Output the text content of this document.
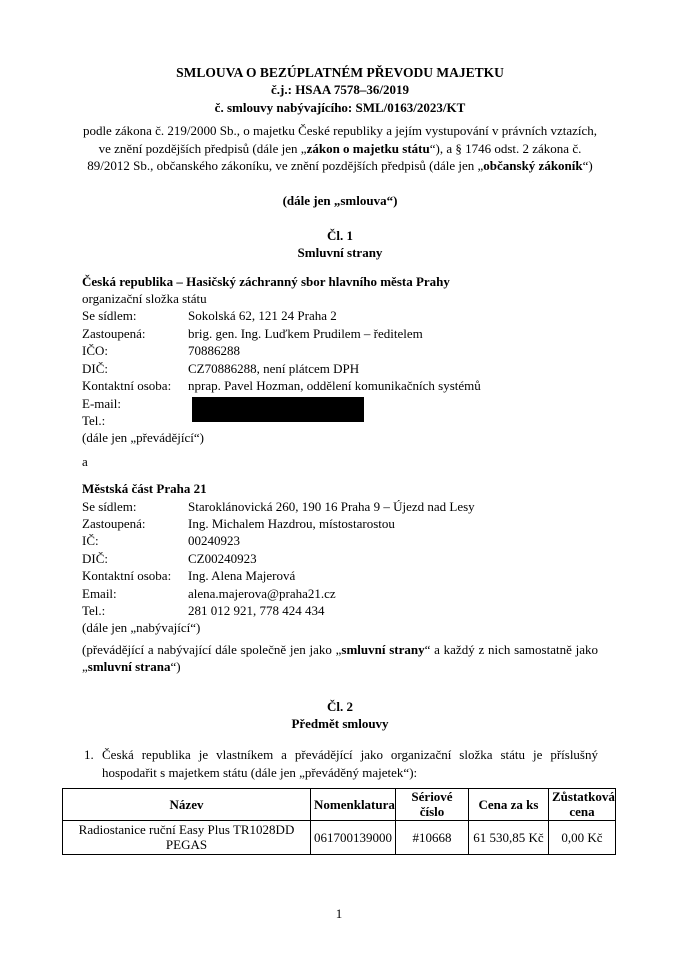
SMLOUVA O BEZÚPLATNÉM PŘEVODU MAJETKU
č.j.: HSAA 7578–36/2019
č. smlouvy nabývajícího: SML/0163/2023/KT
podle zákona č. 219/2000 Sb., o majetku České republiky a jejím vystupování v právních vztazích, ve znění pozdějších předpisů (dále jen „zákon o majetku státu“), a § 1746 odst. 2 zákona č. 89/2012 Sb., občanského zákoníku, ve znění pozdějších předpisů (dále jen „občanský zákoník“)
(dále jen „smlouva“)
Čl. 1
Smluvní strany
Česká republika – Hasičský záchranný sbor hlavního města Prahy
organizační složka státu
Se sídlem:	Sokolská 62, 121 24 Praha 2
Zastoupená:	brig. gen. Ing. Luďkem Prudilem – ředitelem
IČO:	70886288
DIČ:	CZ70886288, není plátcem DPH
Kontaktní osoba:	nprap. Pavel Hozman, oddělení komunikačních systémů
E-mail:
Tel.:
(dále jen „převádějící“)
a
Městská část Praha 21
Se sídlem:	Staroklánovická 260, 190 16 Praha 9 – Újezd nad Lesy
Zastoupená:	Ing. Michalem Hazdrou, místostarostou
IČ:	00240923
DIČ:	CZ00240923
Kontaktní osoba:	Ing. Alena Majerová
Email:	alena.majerova@praha21.cz
Tel.:	281 012 921, 778 424 434
(dále jen „nabývající“)
(převádějící a nabývající dále společně jen jako „smluvní strany“ a každý z nich samostatně jako „smluvní strana“)
Čl. 2
Předmět smlouvy
1. Česká republika je vlastníkem a převádějící jako organizační složka státu je příslušný hospodařit s majetkem státu (dále jen „převáděný majetek“):
Název	Nomenklatura	Sériové číslo	Cena za ks	Zůstatková cena
Radiostanice ruční Easy Plus TR1028DD PEGAS	061700139000	#10668	61 530,85 Kč	0,00 Kč
1
